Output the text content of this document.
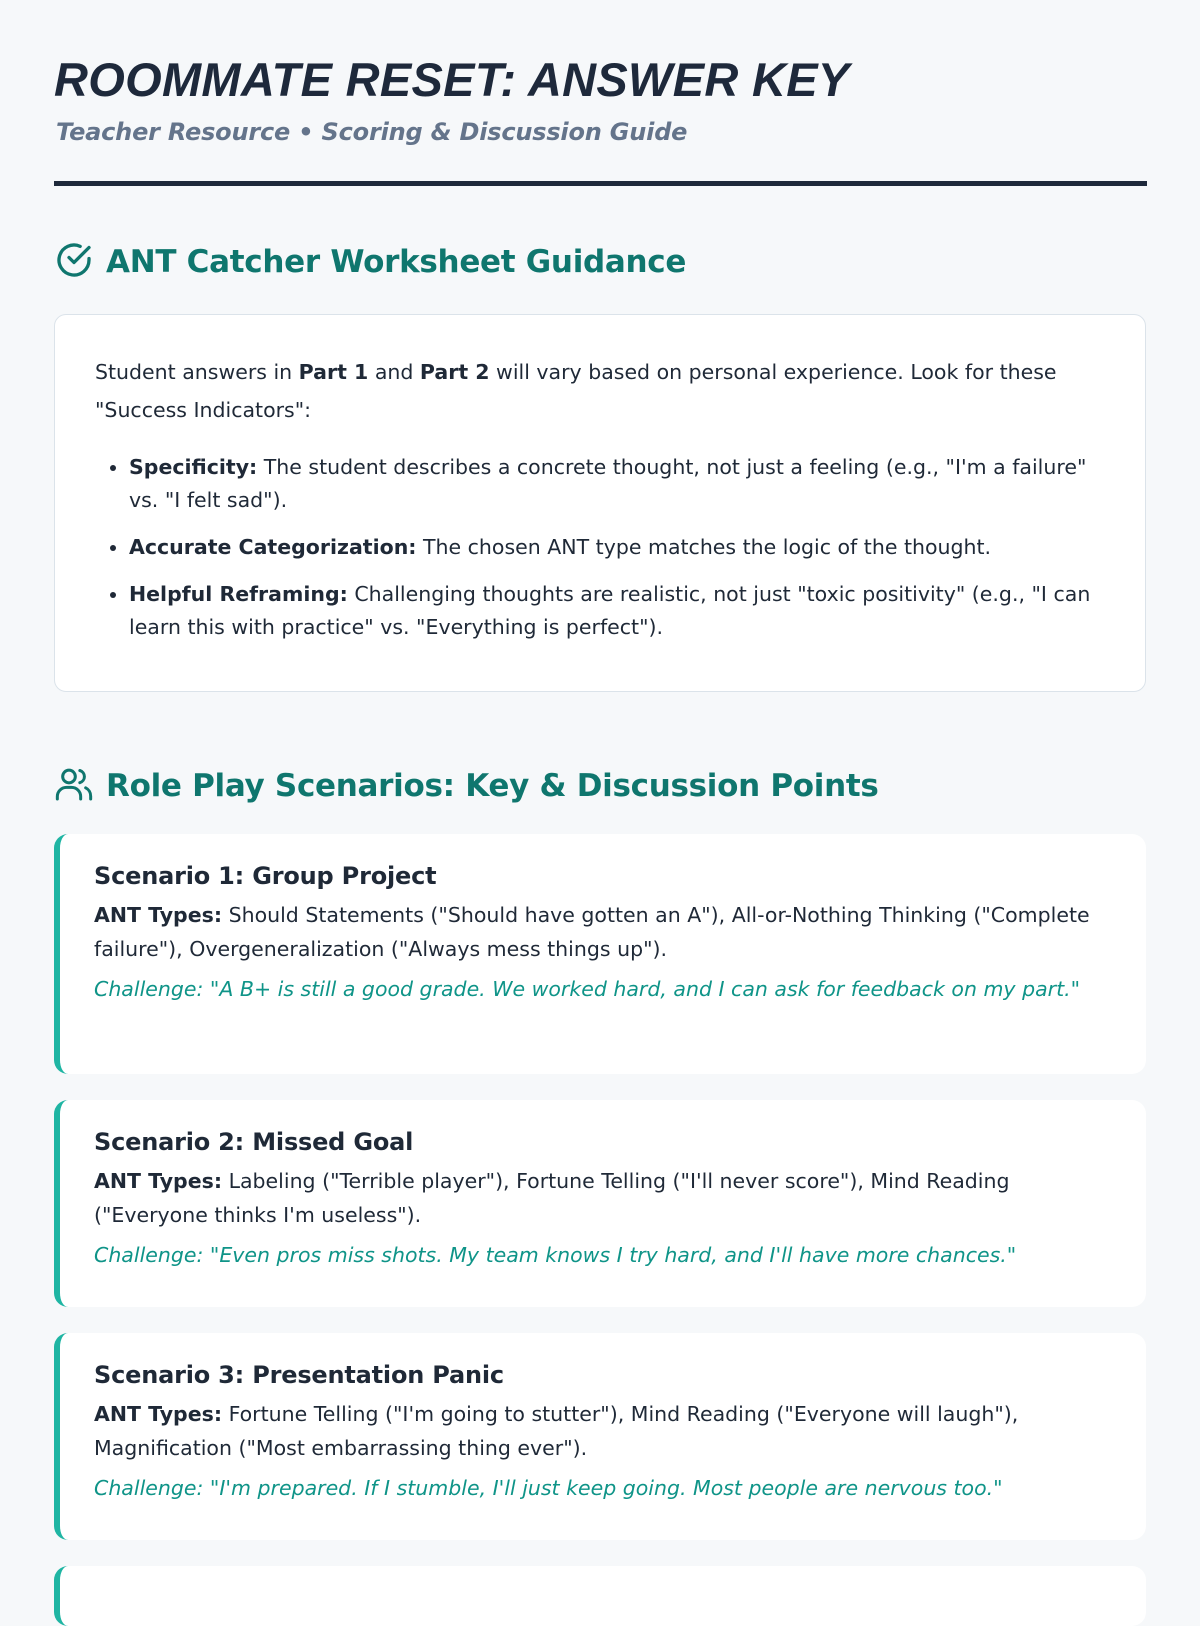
ROOMMATE RESET: ANSWER KEY
Teacher Resource • Scoring & Discussion Guide
ANT Catcher Worksheet Guidance

Student answers in Part 1 and Part 2 will vary based on personal experience. Look for these "Success Indicators":

• Specificity: The student describes a concrete thought, not just a feeling (e.g., "I'm a failure" vs. "I felt sad").
• Accurate Categorization: The chosen ANT type matches the logic of the thought.
• Helpful Reframing: Challenging thoughts are realistic, not just "toxic positivity" (e.g., "I can learn this with practice" vs. "Everything is perfect").
Role Play Scenarios: Key & Discussion Points
Scenario 1: Group Project

ANT Types: Should Statements ("Should have gotten an A"), All-or-Nothing Thinking ("Complete failure"), Overgeneralization ("Always mess things up").

Challenge: "A B+ is still a good grade. We worked hard, and I can ask for feedback on my part."

Scenario 2: Missed Goal

ANT Types: Labeling ("Terrible player"), Fortune Telling ("I'll never score"), Mind Reading ("Everyone thinks I'm useless").

Challenge: "Even pros miss shots. My team knows I try hard, and I'll have more chances."

Scenario 3: Presentation Panic

ANT Types: Fortune Telling ("I'm going to stutter"), Mind Reading ("Everyone will laugh"), Magnification ("Most embarrassing thing ever").

Challenge: "I'm prepared. If I stumble, I'll just keep going. Most people are nervous too."
